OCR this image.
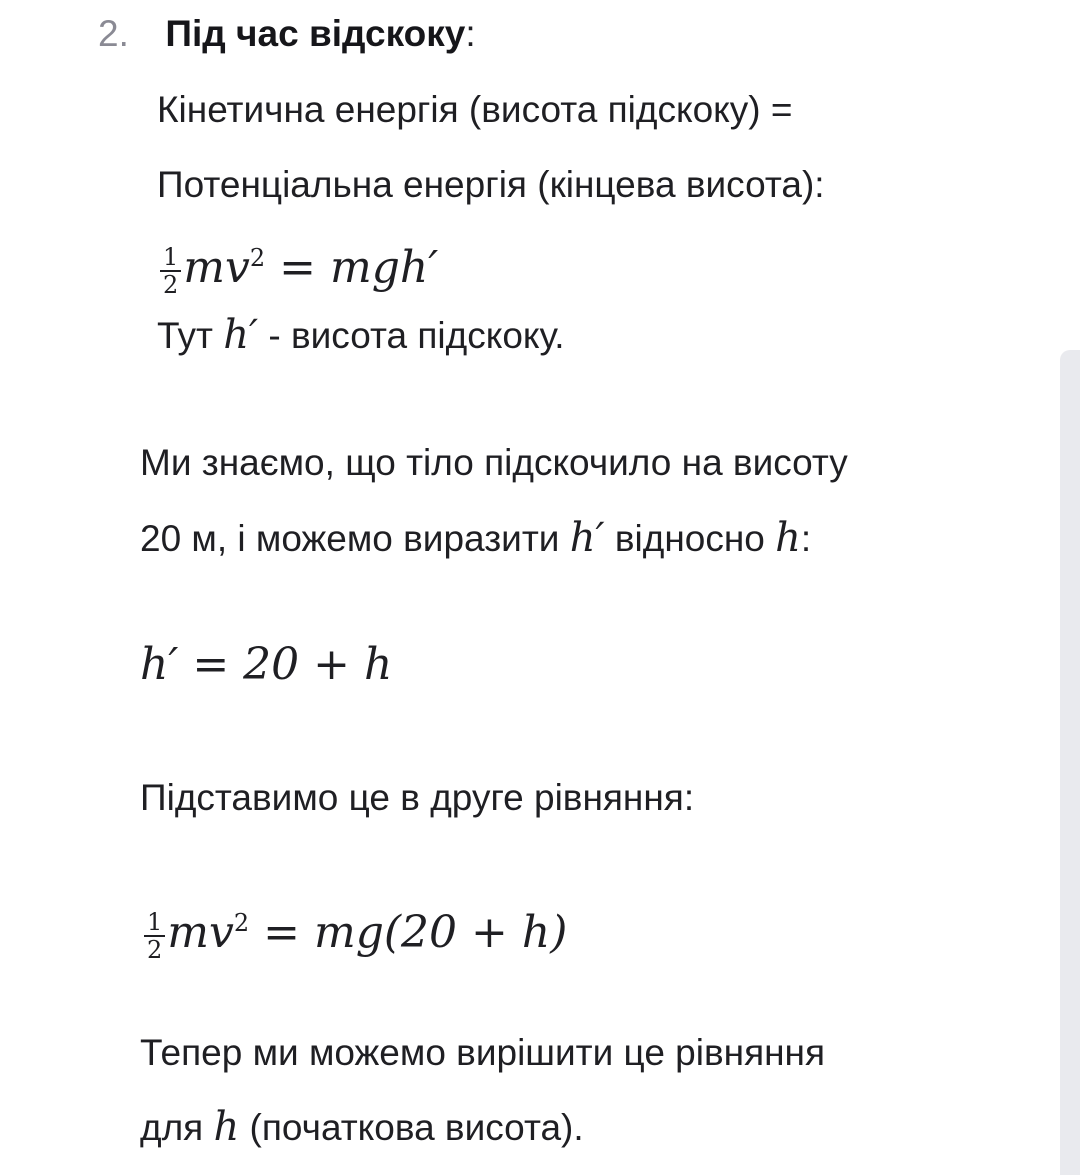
2. Під час відскоку:
Кінетична енергія (висота підскоку) =
Потенціальна енергія (кінцева висота):
$\frac{1}{2} mv^2 = mgh'$
Тут h′ - висота підскоку.
Ми знаємо, що тіло підскочило на висоту
20 м, і можемо виразити h′ відносно h:
h′ = 20 + h
Підставимо це в друге рівняння:
$\frac{1}{2} mv^2 = mg(20 + h)$
Тепер ми можемо вирішити це рівняння
для h (початкова висота).
